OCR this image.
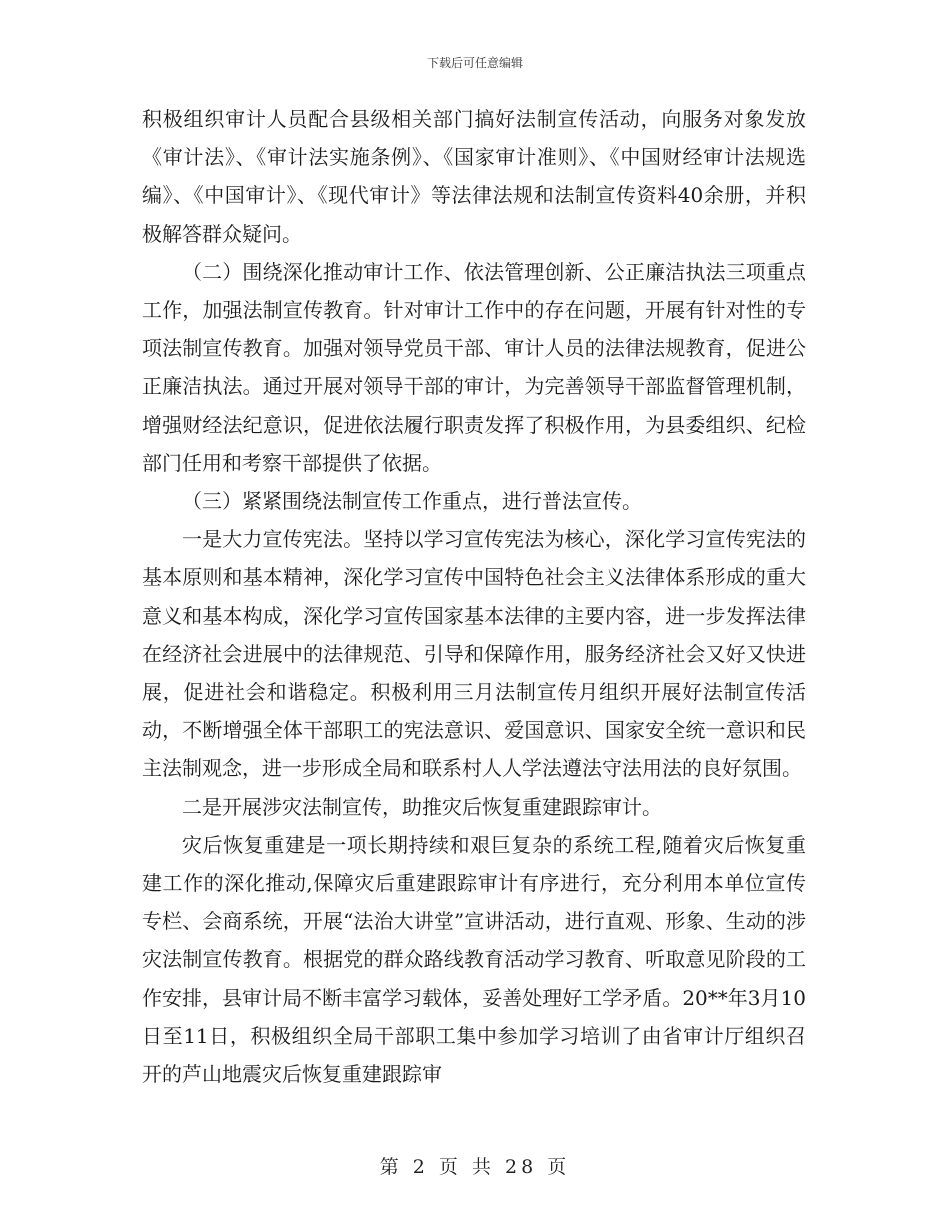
下载后可任意编辑

积极组织审计人员配合县级相关部门搞好法制宣传活动，向服务对象发放《审计法》、《审计法实施条例》、《国家审计准则》、《中国财经审计法规选编》、《中国审计》、《现代审计》等法律法规和法制宣传资料40余册，并积极解答群众疑问。

（二）围绕深化推动审计工作、依法管理创新、公正廉洁执法三项重点工作，加强法制宣传教育。针对审计工作中的存在问题，开展有针对性的专项法制宣传教育。加强对领导党员干部、审计人员的法律法规教育，促进公正廉洁执法。通过开展对领导干部的审计，为完善领导干部监督管理机制，增强财经法纪意识，促进依法履行职责发挥了积极作用，为县委组织、纪检部门任用和考察干部提供了依据。

（三）紧紧围绕法制宣传工作重点，进行普法宣传。

一是大力宣传宪法。坚持以学习宣传宪法为核心，深化学习宣传宪法的基本原则和基本精神，深化学习宣传中国特色社会主义法律体系形成的重大意义和基本构成，深化学习宣传国家基本法律的主要内容，进一步发挥法律在经济社会进展中的法律规范、引导和保障作用，服务经济社会又好又快进展，促进社会和谐稳定。积极利用三月法制宣传月组织开展好法制宣传活动，不断增强全体干部职工的宪法意识、爱国意识、国家安全统一意识和民主法制观念，进一步形成全局和联系村人人学法遵法守法用法的良好氛围。

二是开展涉灾法制宣传，助推灾后恢复重建跟踪审计。

灾后恢复重建是一项长期持续和艰巨复杂的系统工程,随着灾后恢复重建工作的深化推动,保障灾后重建跟踪审计有序进行，充分利用本单位宣传专栏、会商系统，开展“法治大讲堂”宣讲活动，进行直观、形象、生动的涉灾法制宣传教育。根据党的群众路线教育活动学习教育、听取意见阶段的工作安排，县审计局不断丰富学习载体，妥善处理好工学矛盾。20**年3月10日至11日，积极组织全局干部职工集中参加学习培训了由省审计厅组织召开的芦山地震灾后恢复重建跟踪审

第 2 页 共 28 页
